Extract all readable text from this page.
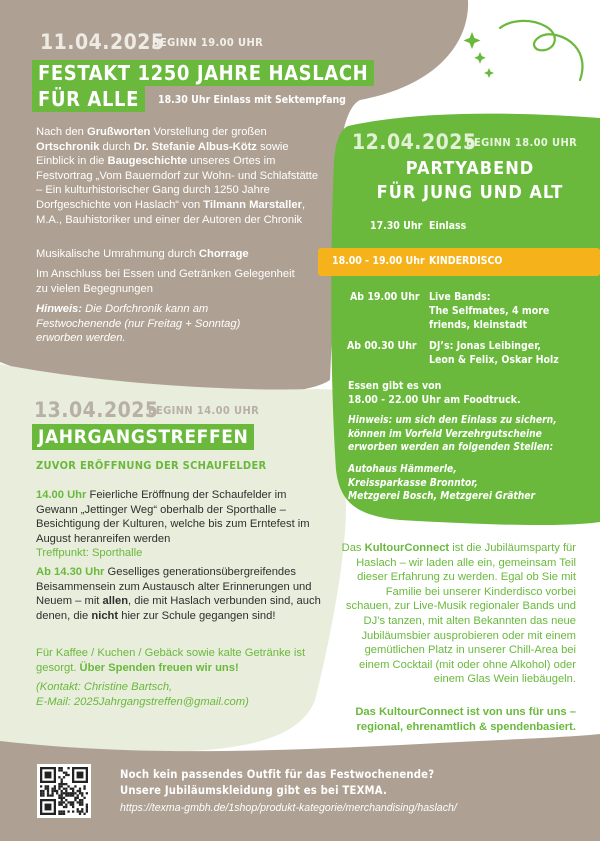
11.04.2025
BEGINN 19.00 UHR
FESTAKT 1250 JAHRE HASLACH
FÜR ALLE	18.30 Uhr Einlass mit Sektempfang
Nach den Grußworten Vorstellung der großen Ortschronik durch Dr. Stefanie Albus-Kötz sowie Einblick in die Baugeschichte unseres Ortes im Festvortrag „Vom Bauerndorf zur Wohn- und Schlafstätte – Ein kulturhistorischer Gang durch 1250 Jahre Dorfgeschichte von Haslach“ von Tilmann Marstaller, M.A., Bauhistoriker und einer der Autoren der Chronik
Musikalische Umrahmung durch Chorrage
Im Anschluss bei Essen und Getränken Gelegenheit zu vielen Begegnungen
Hinweis: Die Dorfchronik kann am Festwochenende (nur Freitag + Sonntag) erworben werden.
12.04.2025
BEGINN 18.00 UHR
PARTYABEND
FÜR JUNG UND ALT
17.30 Uhr Einlass
18.00 - 19.00 Uhr KINDERDISCO
Ab 19.00 Uhr Live Bands:
The Selfmates, 4 more
friends, kleinstadt
Ab 00.30 Uhr DJ’s: Jonas Leibinger,
Leon & Felix, Oskar Holz
Essen gibt es von
18.00 - 22.00 Uhr am Foodtruck.
Hinweis: um sich den Einlass zu sichern, können im Vorfeld Verzehrgutscheine erworben werden an folgenden Stellen:
Autohaus Hämmerle,
Kreissparkasse Bronntor,
Metzgerei Bosch, Metzgerei Gräther
13.04.2025
BEGINN 14.00 UHR
JAHRGANGSTREFFEN
ZUVOR ERÖFFNUNG DER SCHAUFELDER
14.00 Uhr Feierliche Eröffnung der Schaufelder im Gewann „Jettinger Weg“ oberhalb der Sporthalle – Besichtigung der Kulturen, welche bis zum Erntefest im August heranreifen werden
Treffpunkt: Sporthalle
Ab 14.30 Uhr Geselliges generationsübergreifendes Beisammensein zum Austausch alter Erinnerungen und Neuem – mit allen, die mit Haslach verbunden sind, auch denen, die nicht hier zur Schule gegangen sind!
Für Kaffee / Kuchen / Gebäck sowie kalte Getränke ist gesorgt. Über Spenden freuen wir uns!
(Kontakt: Christine Bartsch,
E-Mail: 2025Jahrgangstreffen@gmail.com)
Das KultourConnect ist die Jubiläumsparty für Haslach – wir laden alle ein, gemeinsam Teil dieser Erfahrung zu werden. Egal ob Sie mit Familie bei unserer Kinderdisco vorbei schauen, zur Live-Musik regionaler Bands und DJ’s tanzen, mit alten Bekannten das neue Jubiläumsbier ausprobieren oder mit einem gemütlichen Platz in unserer Chill-Area bei einem Cocktail (mit oder ohne Alkohol) oder einem Glas Wein liebäugeln.
Das KultourConnect ist von uns für uns – regional, ehrenamtlich & spendenbasiert.
Noch kein passendes Outfit für das Festwochenende?
Unsere Jubiläumskleidung gibt es bei TEXMA.
https://texma-gmbh.de/1shop/produkt-kategorie/merchandising/haslach/
